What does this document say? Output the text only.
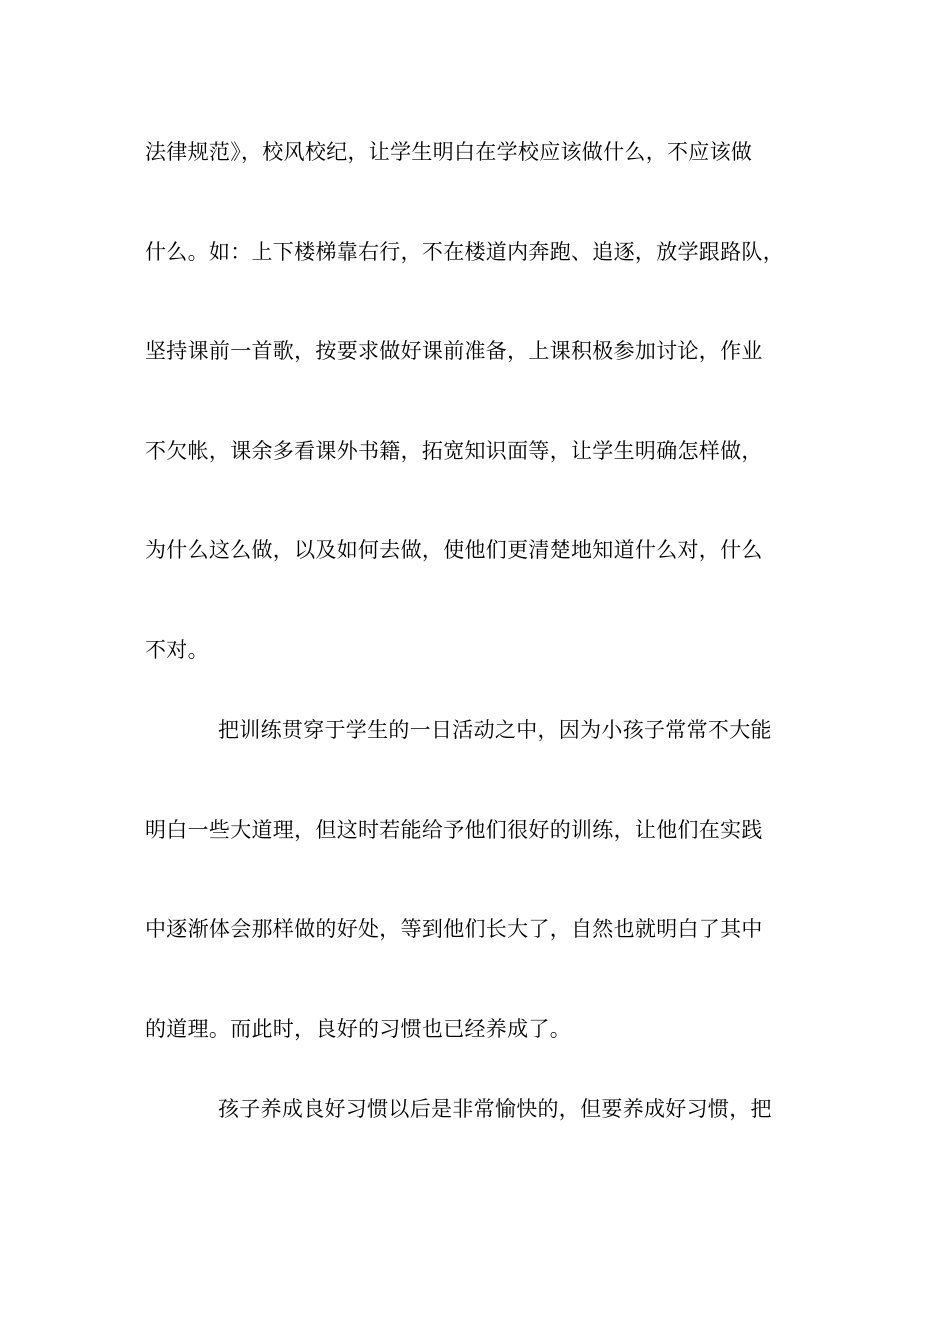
法律规范》，校风校纪，让学生明白在学校应该做什么，不应该做
什么。如：上下楼梯靠右行，不在楼道内奔跑、追逐，放学跟路队，
坚持课前一首歌，按要求做好课前准备，上课积极参加讨论，作业
不欠帐，课余多看课外书籍，拓宽知识面等，让学生明确怎样做，
为什么这么做，以及如何去做，使他们更清楚地知道什么对，什么
不对。
把训练贯穿于学生的一日活动之中，因为小孩子常常不大能
明白一些大道理，但这时若能给予他们很好的训练，让他们在实践
中逐渐体会那样做的好处，等到他们长大了，自然也就明白了其中
的道理。而此时，良好的习惯也已经养成了。
孩子养成良好习惯以后是非常愉快的，但要养成好习惯，把
